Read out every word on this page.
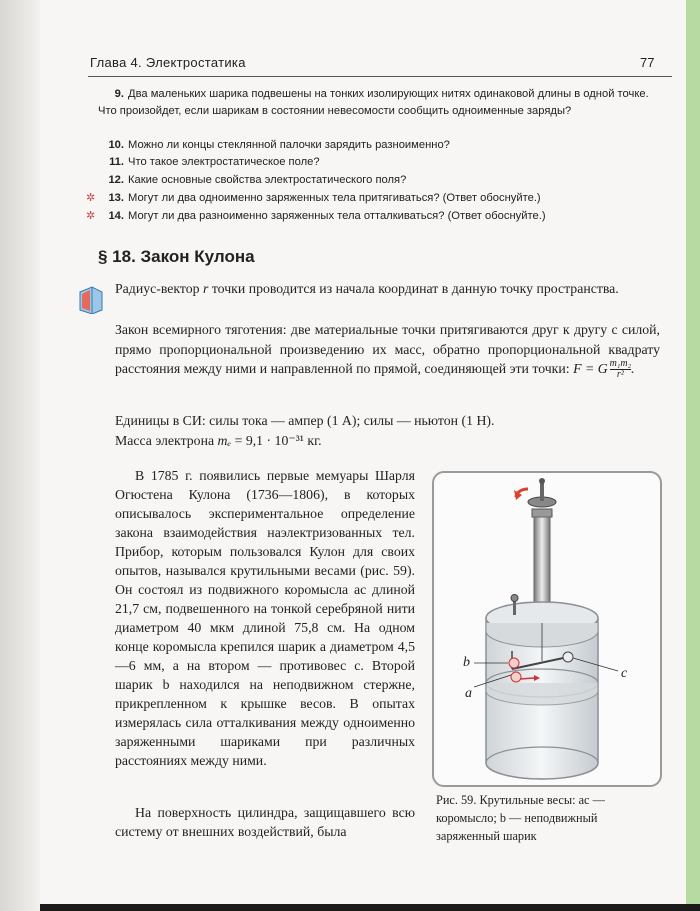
Глава 4. Электростатика	77
9. Два маленьких шарика подвешены на тонких изолирующих нитях одинаковой длины в одной точке. Что произойдет, если шарикам в состоянии невесомости сообщить одноименные заряды?
10. Можно ли концы стеклянной палочки зарядить разноименно?
11. Что такое электростатическое поле?
12. Какие основные свойства электростатического поля?
✲ 13. Могут ли два одноименно заряженных тела притягиваться? (Ответ обоснуйте.)
✲ 14. Могут ли два разноименно заряженных тела отталкиваться? (Ответ обоснуйте.)
§ 18. Закон Кулона
Радиус-вектор r точки проводится из начала координат в данную точку пространства.
Закон всемирного тяготения: две материальные точки притягиваются друг к другу с силой, прямо пропорциональной произведению их масс, обратно пропорциональной квадрату расстояния между ними и направленной по прямой, соединяющей эти точки: F = G $\frac{\text{m₁m₂}}{\text{r²}}$ .
Единицы в СИ: силы тока — ампер (1 А); силы — ньютон (1 Н).
Масса электрона mₑ = 9,1 · 10⁻³¹ кг.
В 1785 г. появились первые мемуары Шарля Огюстена Кулона (1736—1806), в которых описывалось экспериментальное определение закона взаимодействия наэлектризованных тел. Прибор, которым пользовался Кулон для своих опытов, назывался крутильными весами (рис. 59). Он состоял из подвижного коромысла ac длиной 21,7 см, подвешенного на тонкой серебряной нити диаметром 40 мкм длиной 75,8 см. На одном конце коромысла крепился шарик a диаметром 4,5—6 мм, а на втором — противовес c. Второй шарик b находился на неподвижном стержне, прикрепленном к крышке весов. В опытах измерялась сила отталкивания между одноименно заряженными шариками при различных расстояниях между ними.
На поверхность цилиндра, защищавшего всю систему от внешних воздействий, была
b
a
c
Рис. 59. Крутильные весы: ac — коромысло; b — неподвижный заряженный шарик
